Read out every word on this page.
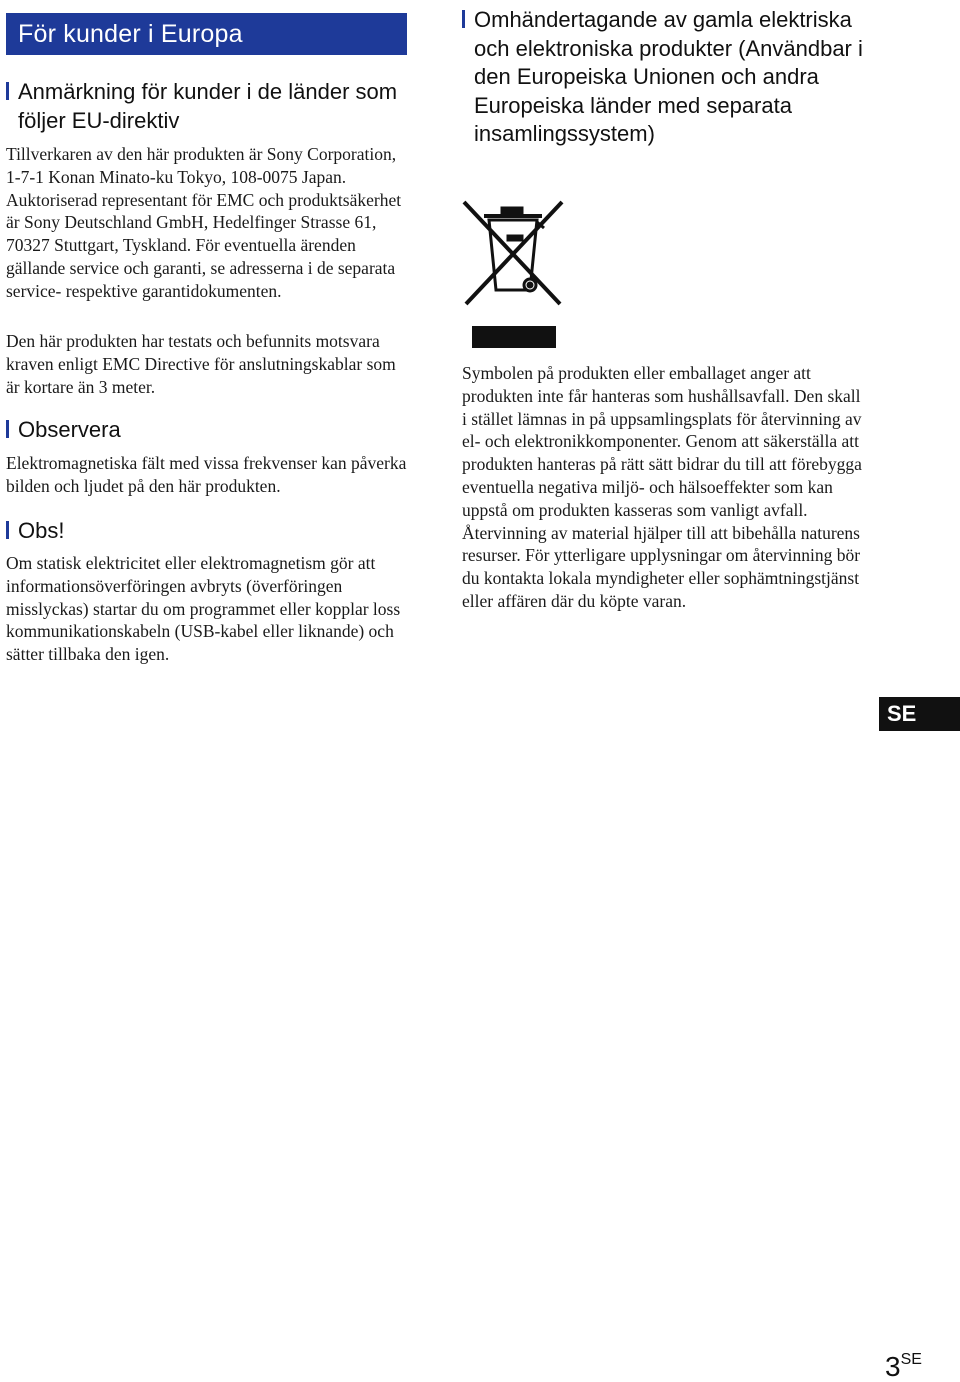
För kunder i Europa
Anmärkning för kunder i de länder som följer EU-direktiv

Tillverkaren av den här produkten är Sony Corporation, 1-7-1 Konan Minato-ku Tokyo, 108-0075 Japan. Auktoriserad representant för EMC och produktsäkerhet är Sony Deutschland GmbH, Hedelfinger Strasse 61, 70327 Stuttgart, Tyskland. För eventuella ärenden gällande service och garanti, se adresserna i de separata service- respektive garantidokumenten.

Den här produkten har testats och befunnits motsvara kraven enligt EMC Directive för anslutningskablar som är kortare än 3 meter.

Observera

Elektromagnetiska fält med vissa frekvenser kan påverka bilden och ljudet på den här produkten.

Obs!

Om statisk elektricitet eller elektromagnetism gör att informationsöverföringen avbryts (överföringen misslyckas) startar du om programmet eller kopplar loss kommunikationskabeln (USB-kabel eller liknande) och sätter tillbaka den igen.

Omhändertagande av gamla elektriska och elektroniska produkter (Användbar i den Europeiska Unionen och andra Europeiska länder med separata insamlingssystem)

Symbolen på produkten eller emballaget anger att produkten inte får hanteras som hushållsavfall. Den skall i stället lämnas in på uppsamlingsplats för återvinning av el- och elektronikkomponenter. Genom att säkerställa att produkten hanteras på rätt sätt bidrar du till att förebygga eventuella negativa miljö- och hälsoeffekter som kan uppstå om produkten kasseras som vanligt avfall. Återvinning av material hjälper till att bibehålla naturens resurser. För ytterligare upplysningar om återvinning bör du kontakta lokala myndigheter eller sophämtningstjänst eller affären där du köpte varan.

SE
$3^{SE}$
